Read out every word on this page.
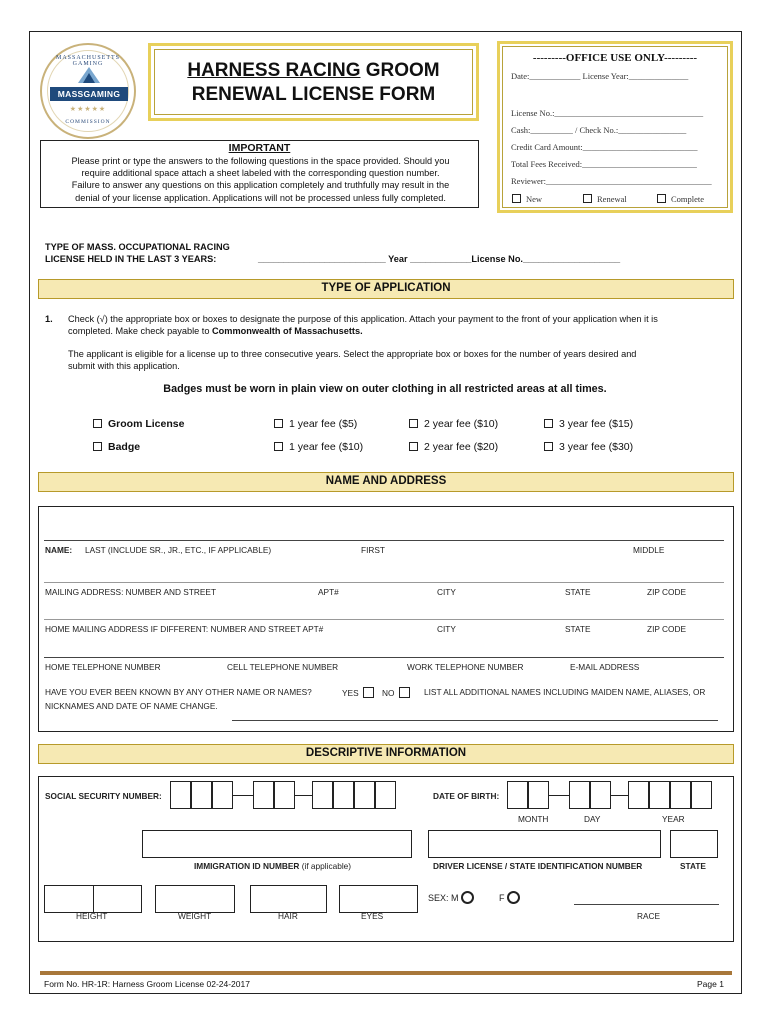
MASSACHUSETTS GAMING
MASSGAMING
★★★★★
COMMISSION
HARNESS RACING GROOM
RENEWAL LICENSE FORM
IMPORTANT
Please print or type the answers to the following questions in the space provided. Should you
require additional space attach a sheet labeled with the corresponding question number.
Failure to answer any questions on this application completely and truthfully may result in the
denial of your license application. Applications will not be processed unless fully completed.
---------OFFICE USE ONLY---------
Date:____________ License Year:______________
License No.:___________________________________
Cash:__________ / Check No.:________________
Credit Card Amount:___________________________
Total Fees Received:___________________________
Reviewer:_______________________________________
New	Renewal	Complete
TYPE OF MASS. OCCUPATIONAL RACING
LICENSE HELD IN THE LAST 3 YEARS:	_________________________ Year ____________License No.___________________
TYPE OF APPLICATION
1. Check (√) the appropriate box or boxes to designate the purpose of this application. Attach your payment to the front of your application when it is
completed. Make check payable to Commonwealth of Massachusetts.
The applicant is eligible for a license up to three consecutive years. Select the appropriate box or boxes for the number of years desired and
submit with this application.
Badges must be worn in plain view on outer clothing in all restricted areas at all times.
Groom License	1 year fee ($5)	2 year fee ($10)	3 year fee ($15)
Badge	1 year fee ($10)	2 year fee ($20)	3 year fee ($30)
NAME AND ADDRESS
NAME: LAST (INCLUDE SR., JR., ETC., IF APPLICABLE)	FIRST	MIDDLE
MAILING ADDRESS: NUMBER AND STREET	APT#	CITY	STATE	ZIP CODE
HOME MAILING ADDRESS IF DIFFERENT: NUMBER AND STREET APT#	CITY	STATE	ZIP CODE
HOME TELEPHONE NUMBER	CELL TELEPHONE NUMBER	WORK TELEPHONE NUMBER	E-MAIL ADDRESS
HAVE YOU EVER BEEN KNOWN BY ANY OTHER NAME OR NAMES?	YES	NO	LIST ALL ADDITIONAL NAMES INCLUDING MAIDEN NAME, ALIASES, OR
NICKNAMES AND DATE OF NAME CHANGE.
DESCRIPTIVE INFORMATION
SOCIAL SECURITY NUMBER:	DATE OF BIRTH:
MONTH	DAY	YEAR
IMMIGRATION ID NUMBER (if applicable)	DRIVER LICENSE / STATE IDENTIFICATION NUMBER	STATE
HEIGHT	WEIGHT	HAIR	EYES
SEX: M	F
RACE
Form No. HR-1R: Harness Groom License 02-24-2017	Page 1
